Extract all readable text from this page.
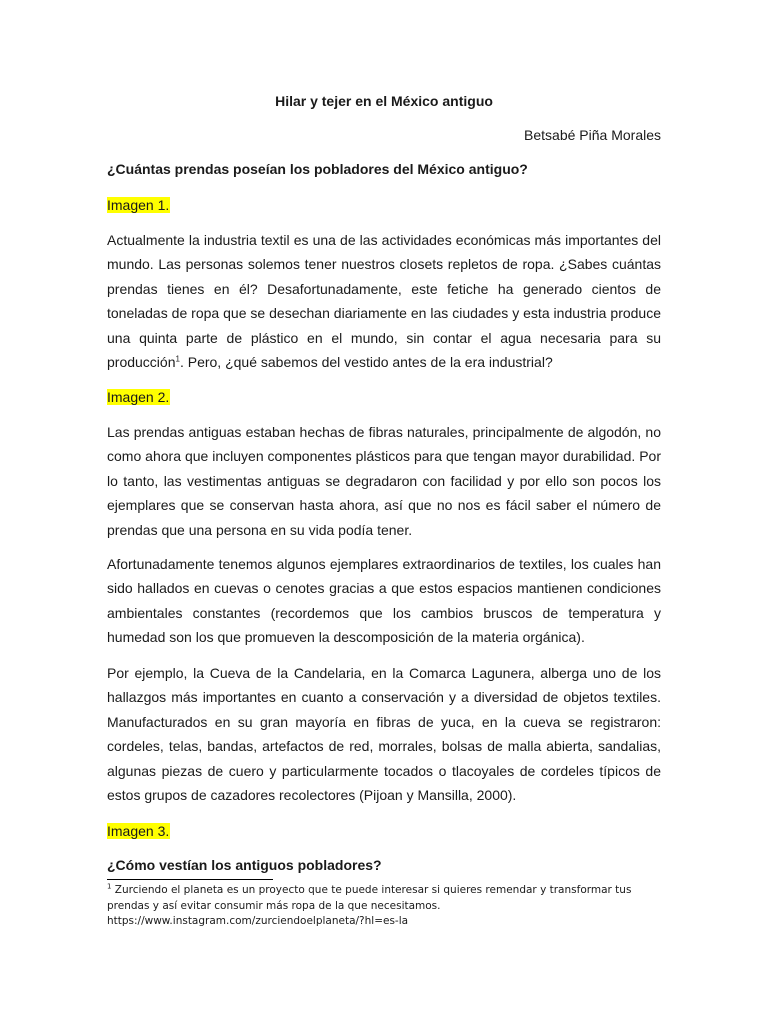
Hilar y tejer en el México antiguo

Betsabé Piña Morales

¿Cuántas prendas poseían los pobladores del México antiguo?

Imagen 1.

Actualmente la industria textil es una de las actividades económicas más importantes del mundo. Las personas solemos tener nuestros closets repletos de ropa. ¿Sabes cuántas prendas tienes en él? Desafortunadamente, este fetiche ha generado cientos de toneladas de ropa que se desechan diariamente en las ciudades y esta industria produce una quinta parte de plástico en el mundo, sin contar el agua necesaria para su producción$^1$. Pero, ¿qué sabemos del vestido antes de la era industrial?

Imagen 2.

Las prendas antiguas estaban hechas de fibras naturales, principalmente de algodón, no como ahora que incluyen componentes plásticos para que tengan mayor durabilidad. Por lo tanto, las vestimentas antiguas se degradaron con facilidad y por ello son pocos los ejemplares que se conservan hasta ahora, así que no nos es fácil saber el número de prendas que una persona en su vida podía tener.

Afortunadamente tenemos algunos ejemplares extraordinarios de textiles, los cuales han sido hallados en cuevas o cenotes gracias a que estos espacios mantienen condiciones ambientales constantes (recordemos que los cambios bruscos de temperatura y humedad son los que promueven la descomposición de la materia orgánica).

Por ejemplo, la Cueva de la Candelaria, en la Comarca Lagunera, alberga uno de los hallazgos más importantes en cuanto a conservación y a diversidad de objetos textiles. Manufacturados en su gran mayoría en fibras de yuca, en la cueva se registraron: cordeles, telas, bandas, artefactos de red, morrales, bolsas de malla abierta, sandalias, algunas piezas de cuero y particularmente tocados o tlacoyales de cordeles típicos de estos grupos de cazadores recolectores (Pijoan y Mansilla, 2000).

Imagen 3.

¿Cómo vestían los antiguos pobladores?

$^1$ Zurciendo el planeta es un proyecto que te puede interesar si quieres remendar y transformar tus prendas y así evitar consumir más ropa de la que necesitamos. https://www.instagram.com/zurciendoelplaneta/?hl=es-la
